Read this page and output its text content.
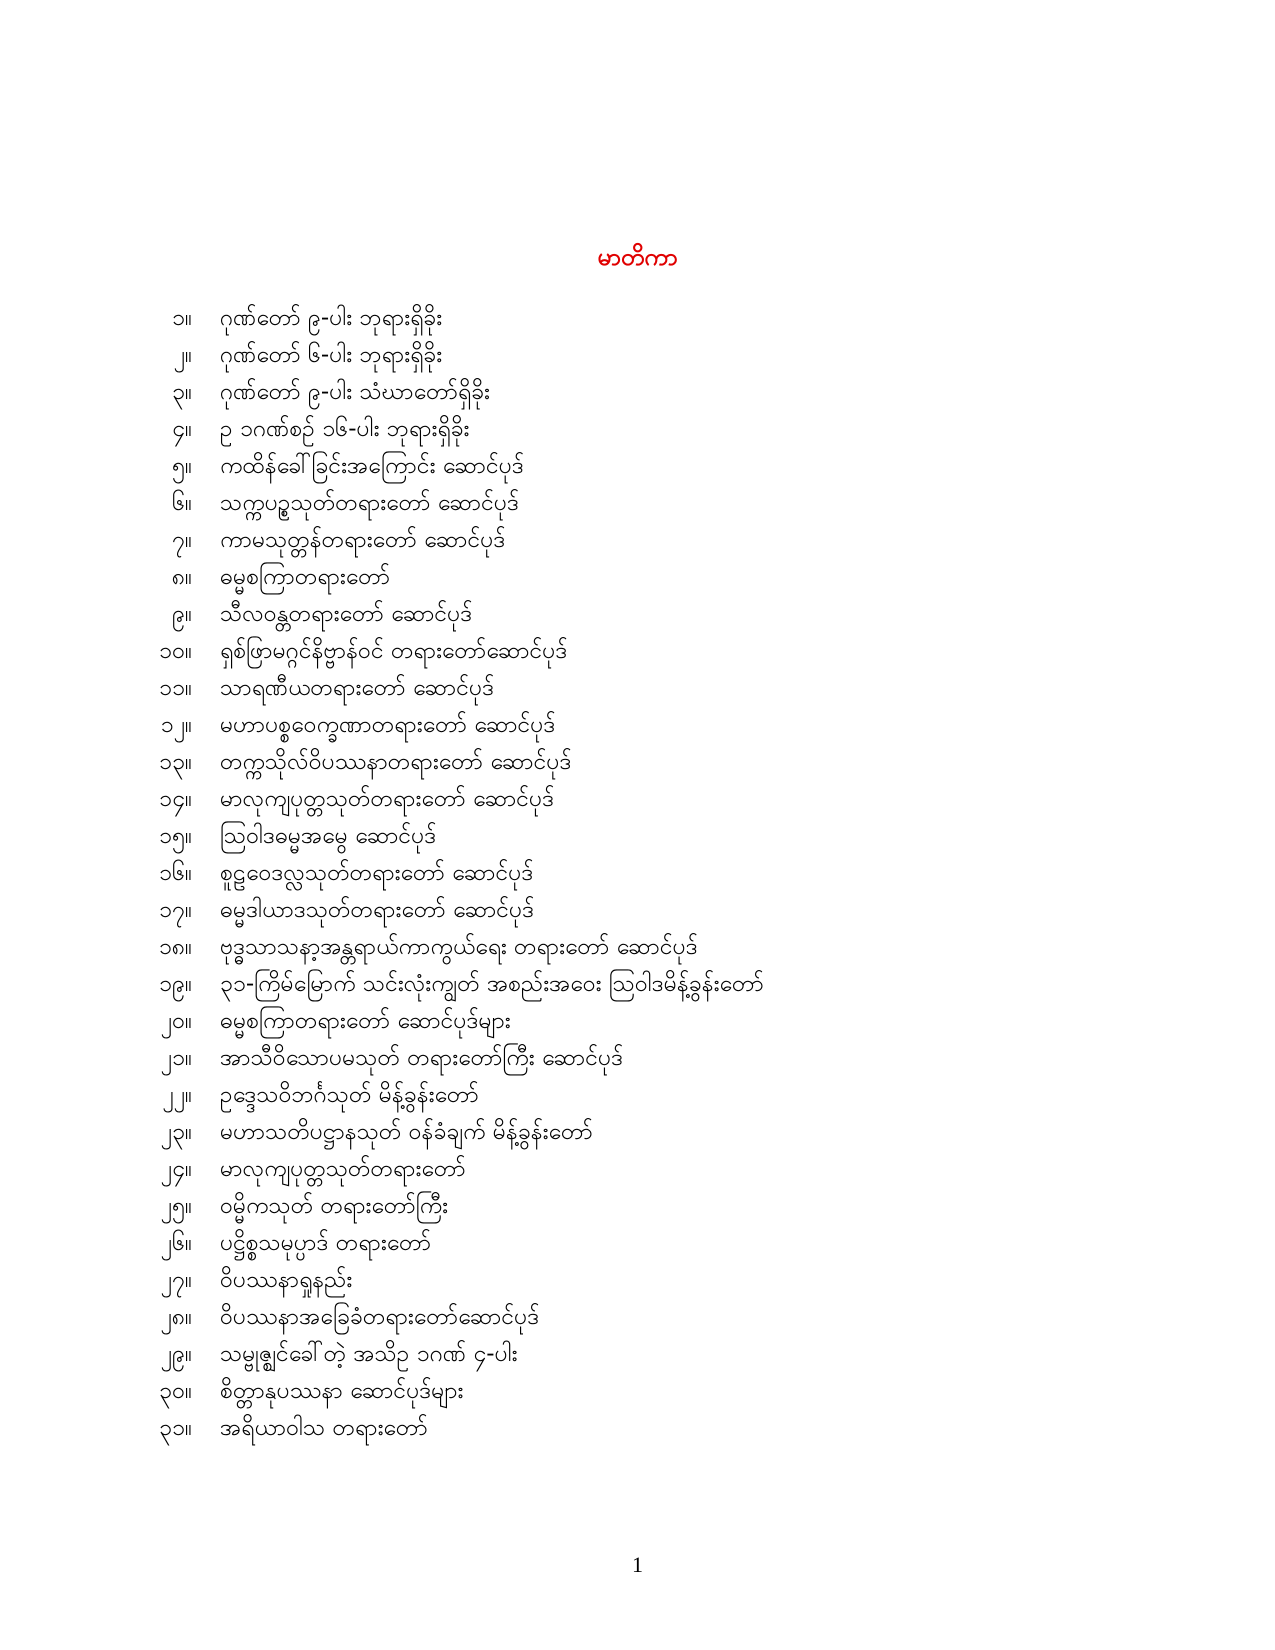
မာတိကာ
၁။	ဂုဏ်တော် ၉-ပါး ဘုရားရှိခိုး
၂။	ဂုဏ်တော် ၆-ပါး ဘုရားရှိခိုး
၃။	ဂုဏ်တော် ၉-ပါး သံဃာတော်ရှိခိုး
၄။	ဥ ၁ဂဏ်စဉ် ၁၆-ပါး ဘုရားရှိခိုး
၅။	ကထိန်ခေါ်ခြင်းအကြောင်း ဆောင်ပုဒ်
၆။	သက္ကပဥ္စသုတ်တရားတော် ဆောင်ပုဒ်
၇။	ကာမသုတ္တန်တရားတော် ဆောင်ပုဒ်
၈။	ဓမ္မစကြာတရားတော်
၉။	သီလဝန္တတရားတော် ဆောင်ပုဒ်
၁၀။	ရှစ်ဖြာမဂ္ဂင်နိဗ္ဗာန်ဝင် တရားတော်ဆောင်ပုဒ်
၁၁။	သာရဏီယတရားတော် ဆောင်ပုဒ်
၁၂။	မဟာပစ္စဝေက္ခဏာတရားတော် ဆောင်ပုဒ်
၁၃။	တက္ကသိုလ်ဝိပဿနာတရားတော် ဆောင်ပုဒ်
၁၄။	မာလုကျပုတ္တသုတ်တရားတော် ဆောင်ပုဒ်
၁၅။	ဩဝါဒဓမ္မအမွေ ဆောင်ပုဒ်
၁၆။	စူဠဝေဒလ္လသုတ်တရားတော် ဆောင်ပုဒ်
၁၇။	ဓမ္မဒါယာဒသုတ်တရားတော် ဆောင်ပုဒ်
၁၈။	ဗုဒ္ဓသာသနာ့အန္တရာယ်ကာကွယ်ရေး တရားတော် ဆောင်ပုဒ်
၁၉။	၃၁-ကြိမ်မြောက် သင်းလုံးကျွတ် အစည်းအဝေး ဩဝါဒမိန့်ခွန်းတော်
၂၀။	ဓမ္မစကြာတရားတော် ဆောင်ပုဒ်များ
၂၁။	အာသီဝိသောပမသုတ် တရားတော်ကြီး ဆောင်ပုဒ်
၂၂။	ဥဒ္ဒေသဝိဘင်္ဂသုတ် မိန့်ခွန်းတော်
၂၃။	မဟာသတိပဋ္ဌာနသုတ် ဝန်ခံချက် မိန့်ခွန်းတော်
၂၄။	မာလုကျပုတ္တသုတ်တရားတော်
၂၅။	ဝမ္မိကသုတ် တရားတော်ကြီး
၂၆။	ပဋ္ဌိစ္စသမုပ္ပာဒ် တရားတော်
၂၇။	ဝိပဿနာရှုနည်း
၂၈။	ဝိပဿနာအခြေခံတရားတော်ဆောင်ပုဒ်
၂၉။	သမ္ဗုဇ္ဈင်ခေါ်တဲ့ အသိဥ ၁ဂဏ် ၄-ပါး
၃၀။	စိတ္တာနုပဿနာ ဆောင်ပုဒ်များ
၃၁။	အရိယာဝါသ တရားတော်
1
